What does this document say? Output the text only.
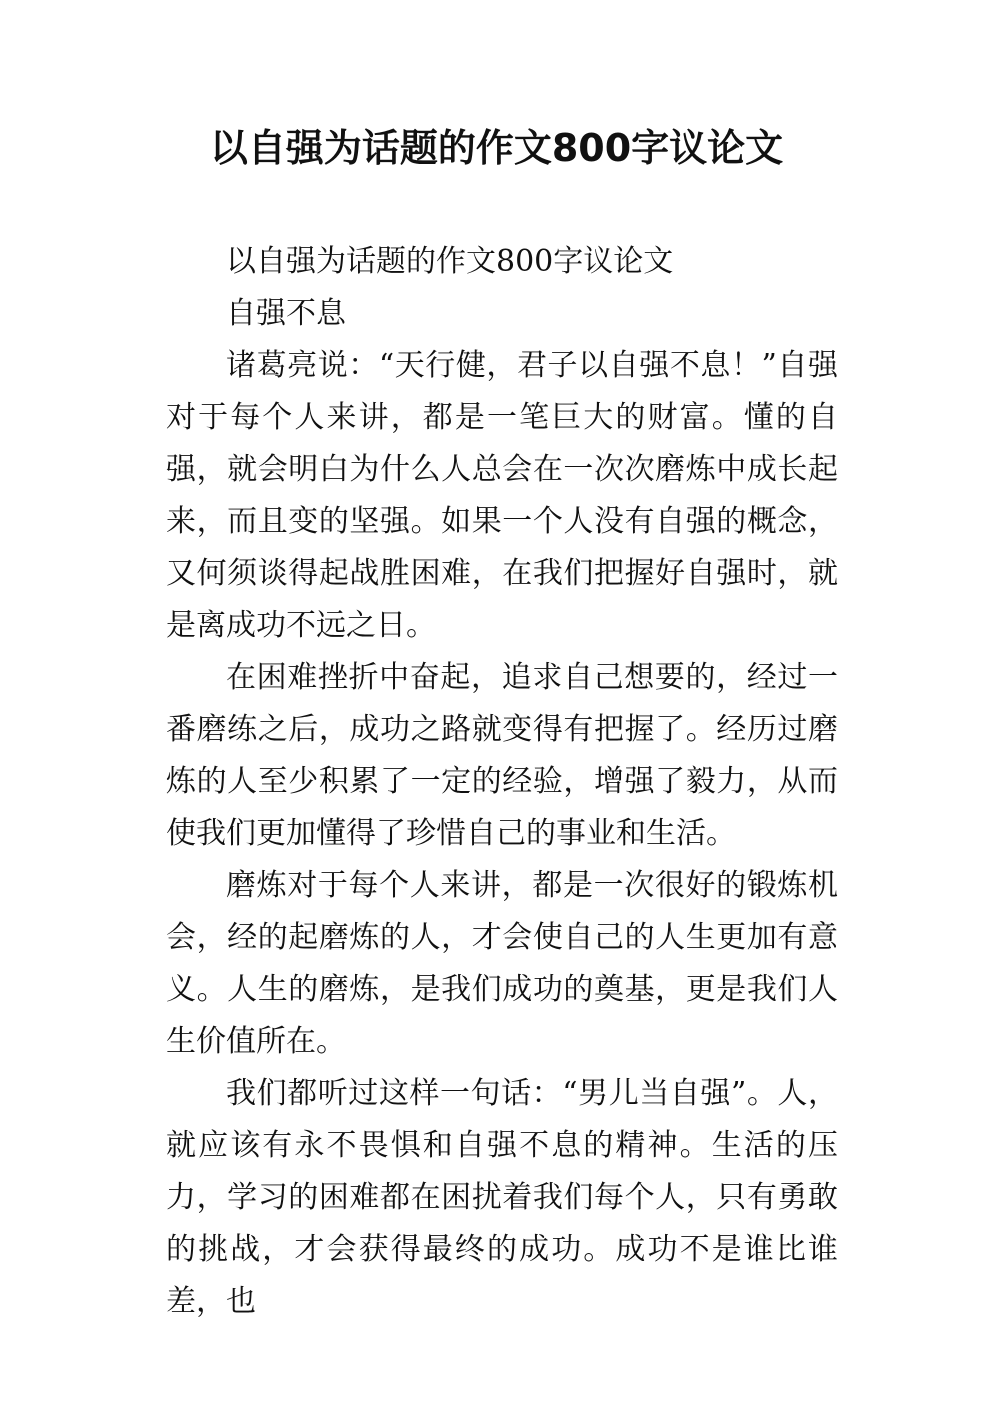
以自强为话题的作文800字议论文

以自强为话题的作文800字议论文

自强不息

诸葛亮说：“天行健，君子以自强不息！”自强对于每个人来讲，都是一笔巨大的财富。懂的自强，就会明白为什么人总会在一次次磨炼中成长起来，而且变的坚强。如果一个人没有自强的概念，又何须谈得起战胜困难，在我们把握好自强时，就是离成功不远之日。

在困难挫折中奋起，追求自己想要的，经过一番磨练之后，成功之路就变得有把握了。经历过磨炼的人至少积累了一定的经验，增强了毅力，从而使我们更加懂得了珍惜自己的事业和生活。

磨炼对于每个人来讲，都是一次很好的锻炼机会，经的起磨炼的人，才会使自己的人生更加有意义。人生的磨炼，是我们成功的奠基，更是我们人生价值所在。

我们都听过这样一句话：“男儿当自强”。人，就应该有永不畏惧和自强不息的精神。生活的压力，学习的困难都在困扰着我们每个人，只有勇敢的挑战，才会获得最终的成功。成功不是谁比谁差，也
